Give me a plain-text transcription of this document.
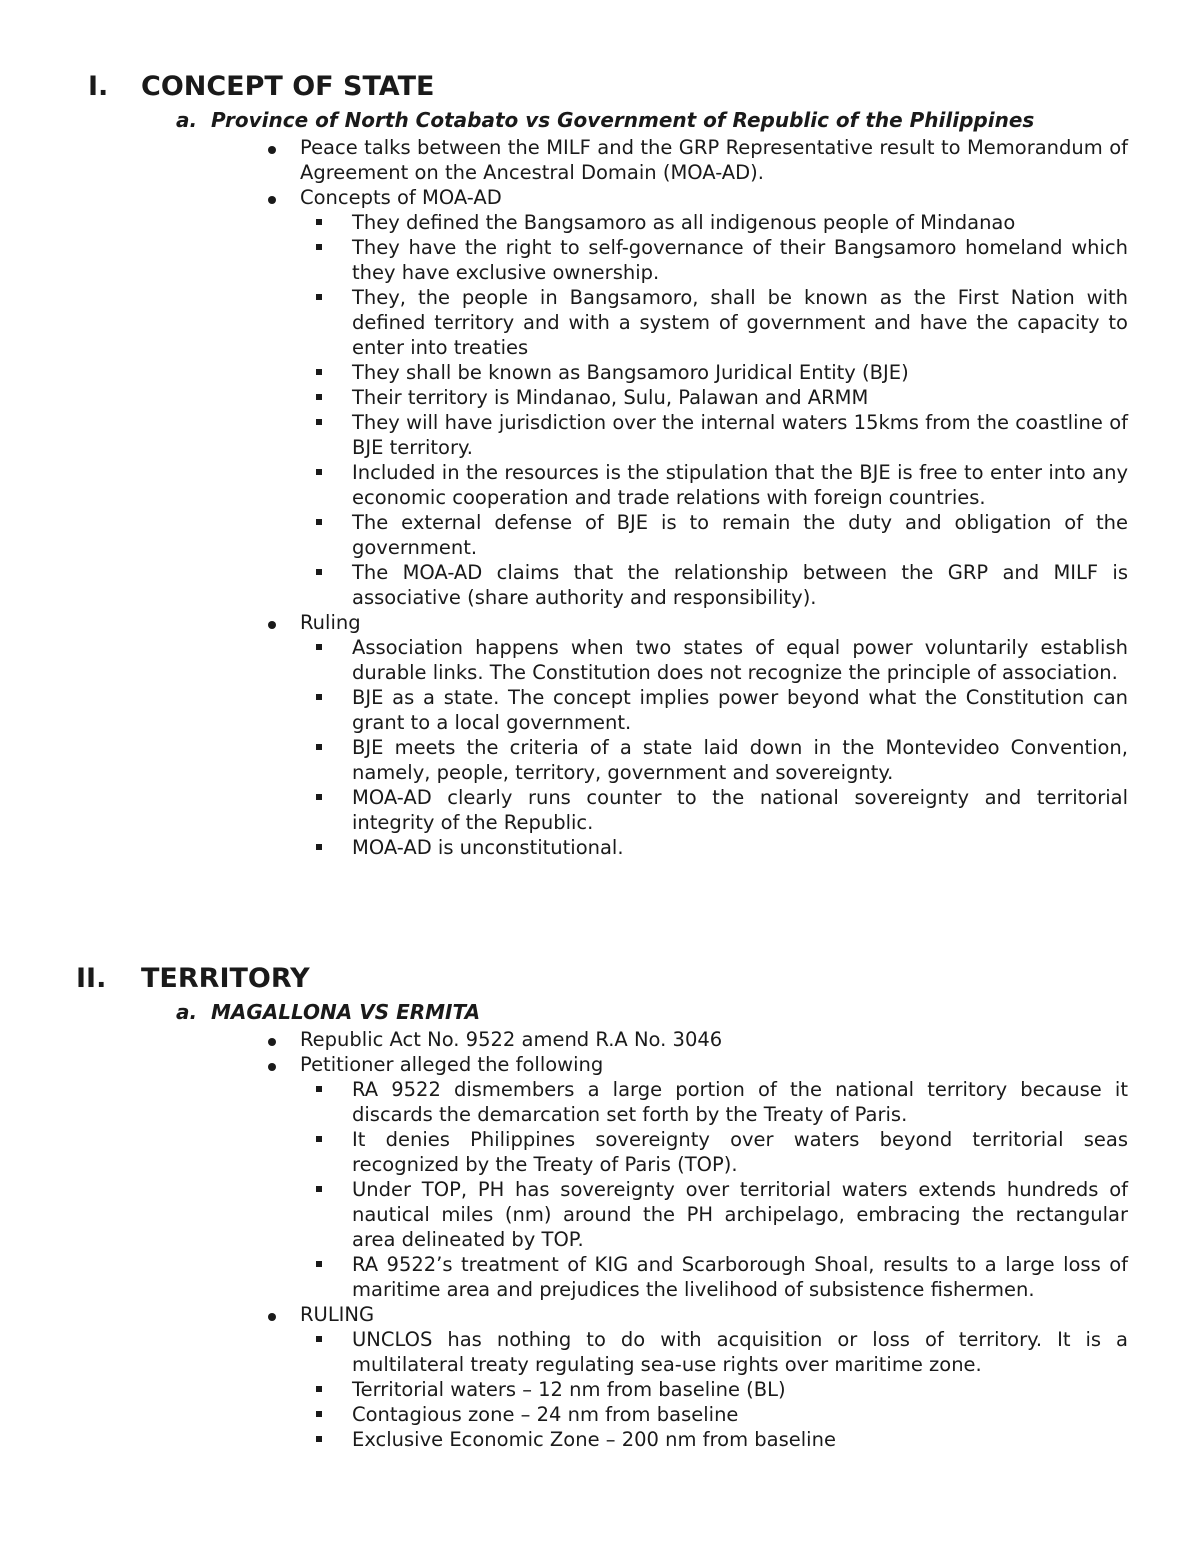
I. CONCEPT OF STATE
a. Province of North Cotabato vs Government of Republic of the Philippines
Peace talks between the MILF and the GRP Representative result to Memorandum of Agreement on the Ancestral Domain (MOA-AD).
Concepts of MOA-AD
They defined the Bangsamoro as all indigenous people of Mindanao
They have the right to self-governance of their Bangsamoro homeland which they have exclusive ownership.
They, the people in Bangsamoro, shall be known as the First Nation with defined territory and with a system of government and have the capacity to enter into treaties
They shall be known as Bangsamoro Juridical Entity (BJE)
Their territory is Mindanao, Sulu, Palawan and ARMM
They will have jurisdiction over the internal waters 15kms from the coastline of BJE territory.
Included in the resources is the stipulation that the BJE is free to enter into any economic cooperation and trade relations with foreign countries.
The external defense of BJE is to remain the duty and obligation of the government.
The MOA-AD claims that the relationship between the GRP and MILF is associative (share authority and responsibility).
Ruling
Association happens when two states of equal power voluntarily establish durable links. The Constitution does not recognize the principle of association.
BJE as a state. The concept implies power beyond what the Constitution can grant to a local government.
BJE meets the criteria of a state laid down in the Montevideo Convention, namely, people, territory, government and sovereignty.
MOA-AD clearly runs counter to the national sovereignty and territorial integrity of the Republic.
MOA-AD is unconstitutional.
II. TERRITORY
a. MAGALLONA VS ERMITA
Republic Act No. 9522 amend R.A No. 3046
Petitioner alleged the following
RA 9522 dismembers a large portion of the national territory because it discards the demarcation set forth by the Treaty of Paris.
It denies Philippines sovereignty over waters beyond territorial seas recognized by the Treaty of Paris (TOP).
Under TOP, PH has sovereignty over territorial waters extends hundreds of nautical miles (nm) around the PH archipelago, embracing the rectangular area delineated by TOP.
RA 9522’s treatment of KIG and Scarborough Shoal, results to a large loss of maritime area and prejudices the livelihood of subsistence fishermen.
RULING
UNCLOS has nothing to do with acquisition or loss of territory. It is a multilateral treaty regulating sea-use rights over maritime zone.
Territorial waters – 12 nm from baseline (BL)
Contagious zone – 24 nm from baseline
Exclusive Economic Zone – 200 nm from baseline
